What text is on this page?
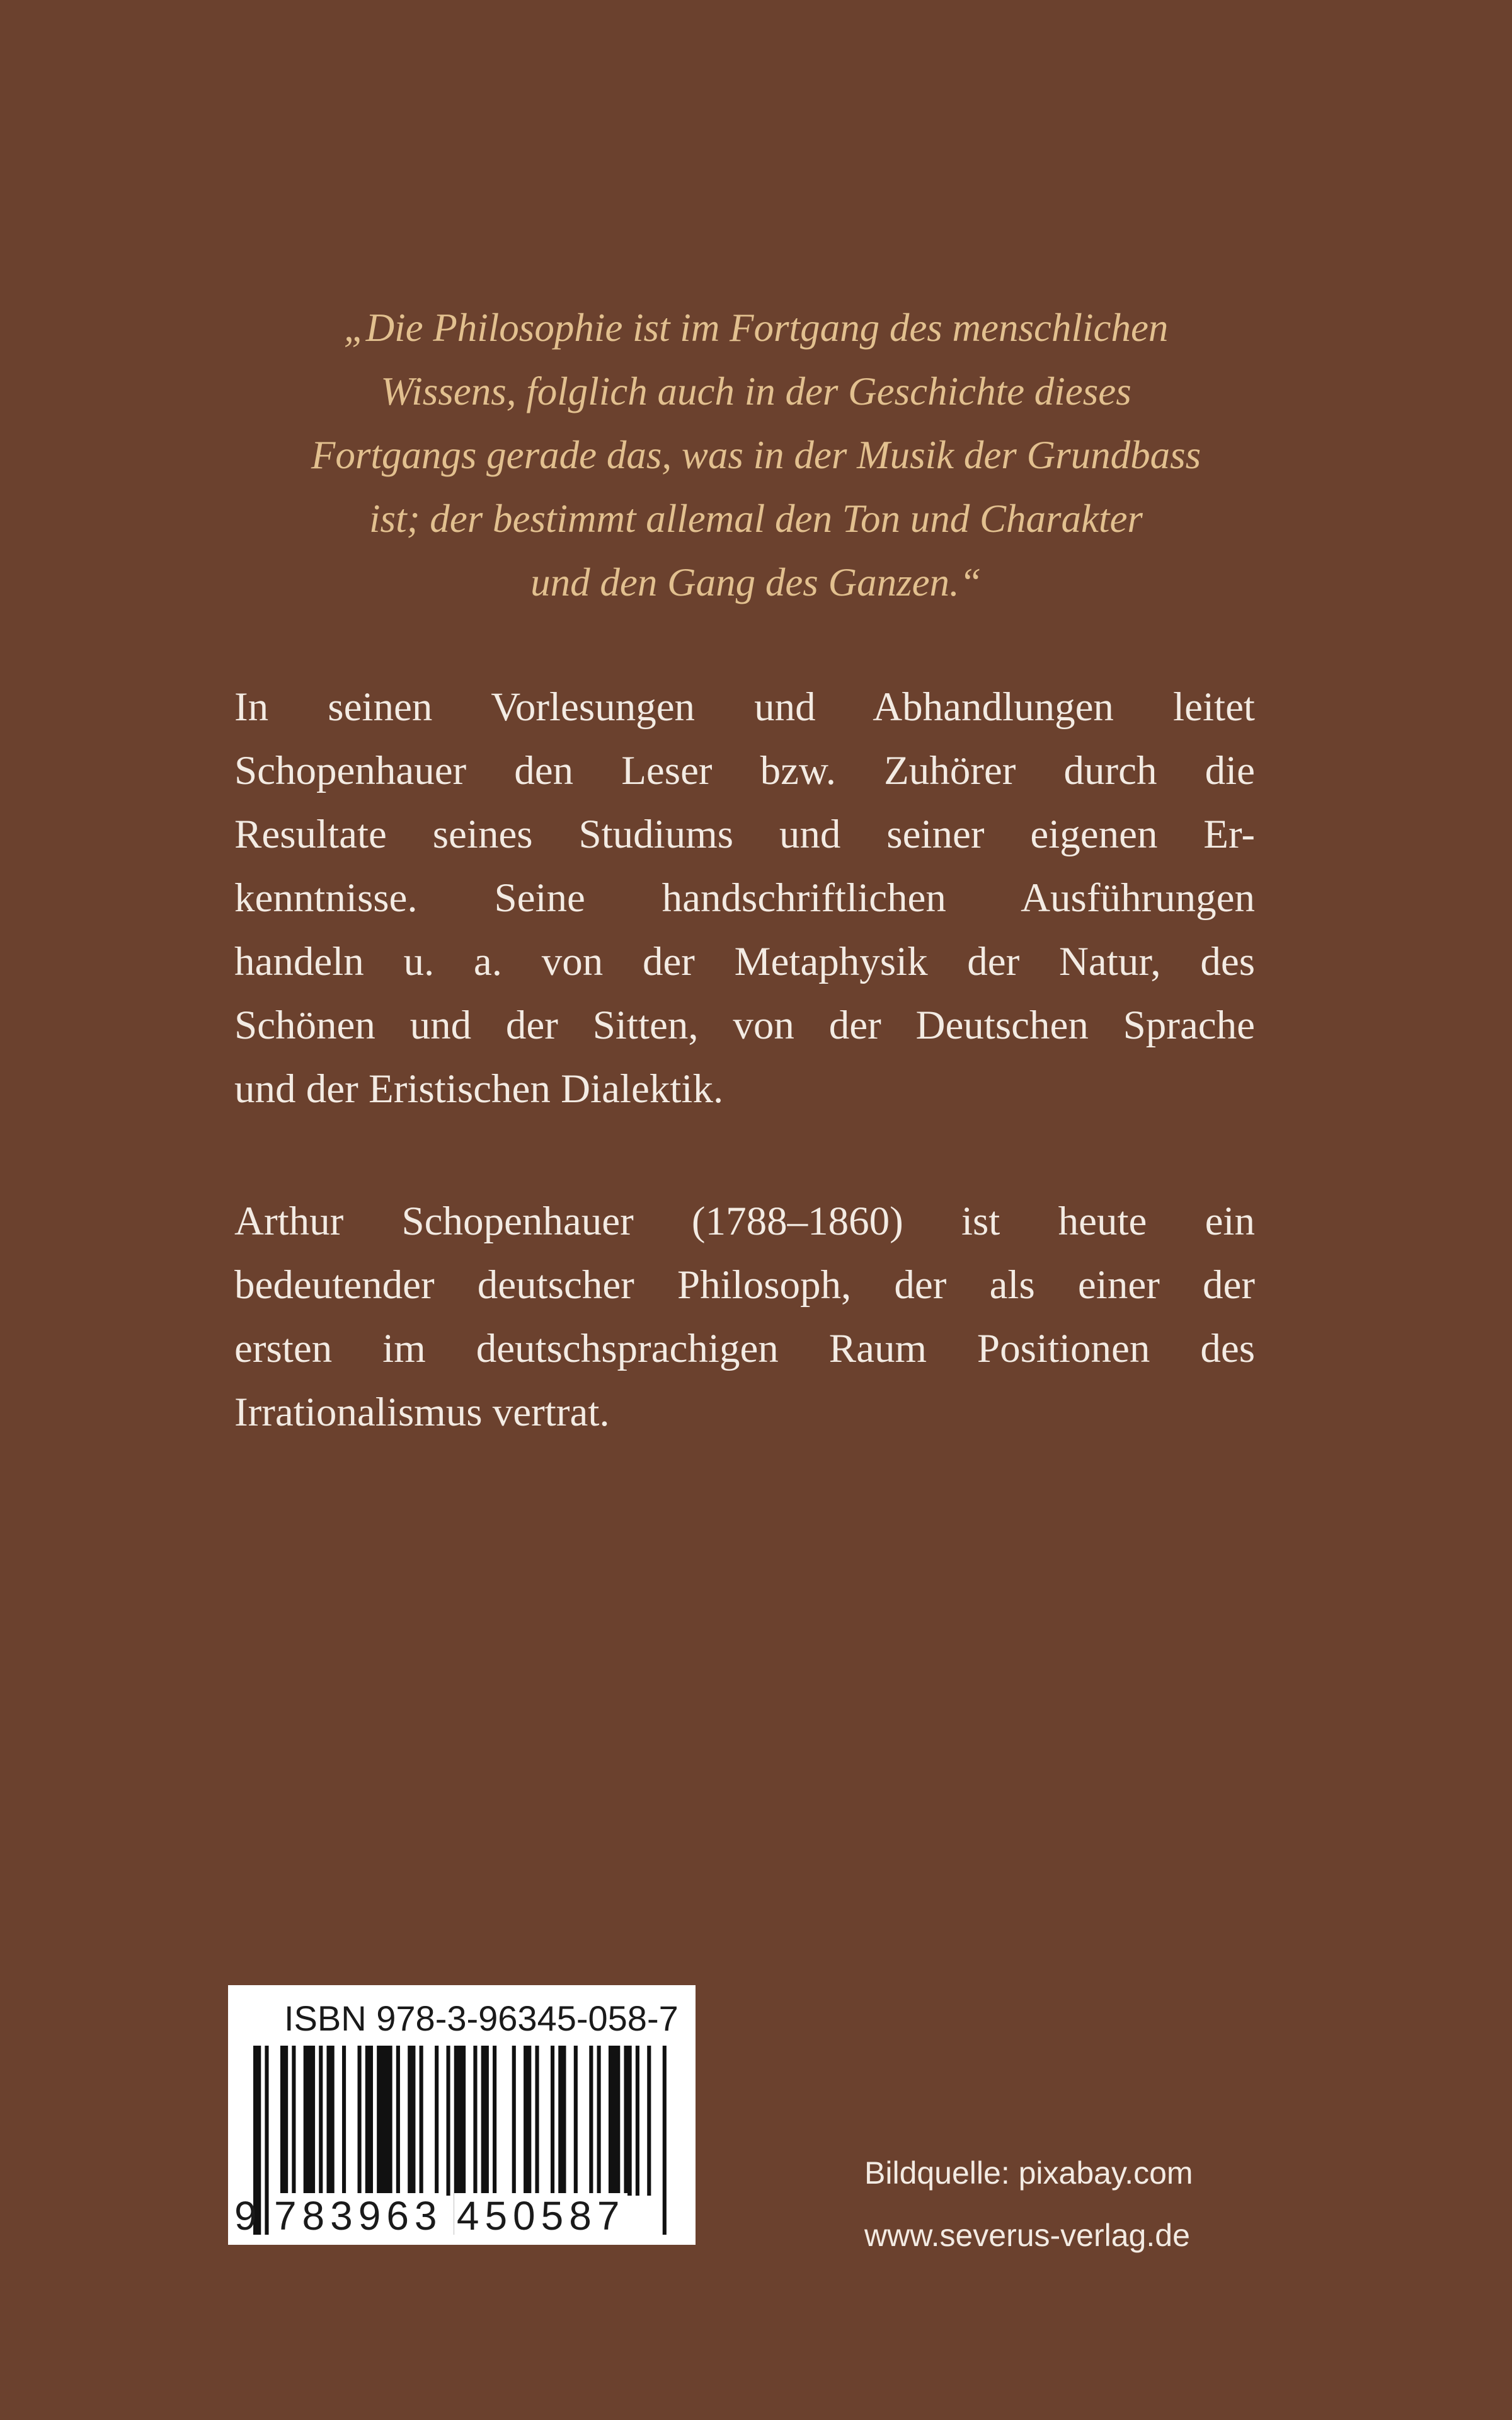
„Die Philosophie ist im Fortgang des menschlichen
Wissens, folglich auch in der Geschichte dieses
Fortgangs gerade das, was in der Musik der Grundbass
ist; der bestimmt allemal den Ton und Charakter
und den Gang des Ganzen.“
In seinen Vorlesungen und Abhandlungen leitet
Schopenhauer den Leser bzw. Zuhörer durch die
Resultate seines Studiums und seiner eigenen Er-
kenntnisse. Seine handschriftlichen Ausführungen
handeln u. a. von der Metaphysik der Natur, des
Schönen und der Sitten, von der Deutschen Sprache
und der Eristischen Dialektik.
Arthur Schopenhauer (1788–1860) ist heute ein
bedeutender deutscher Philosoph, der als einer der
ersten im deutschsprachigen Raum Positionen des
Irrationalismus vertrat.
ISBN 978-3-96345-058-7
9  783963  450587
Bildquelle: pixabay.com
www.severus-verlag.de
